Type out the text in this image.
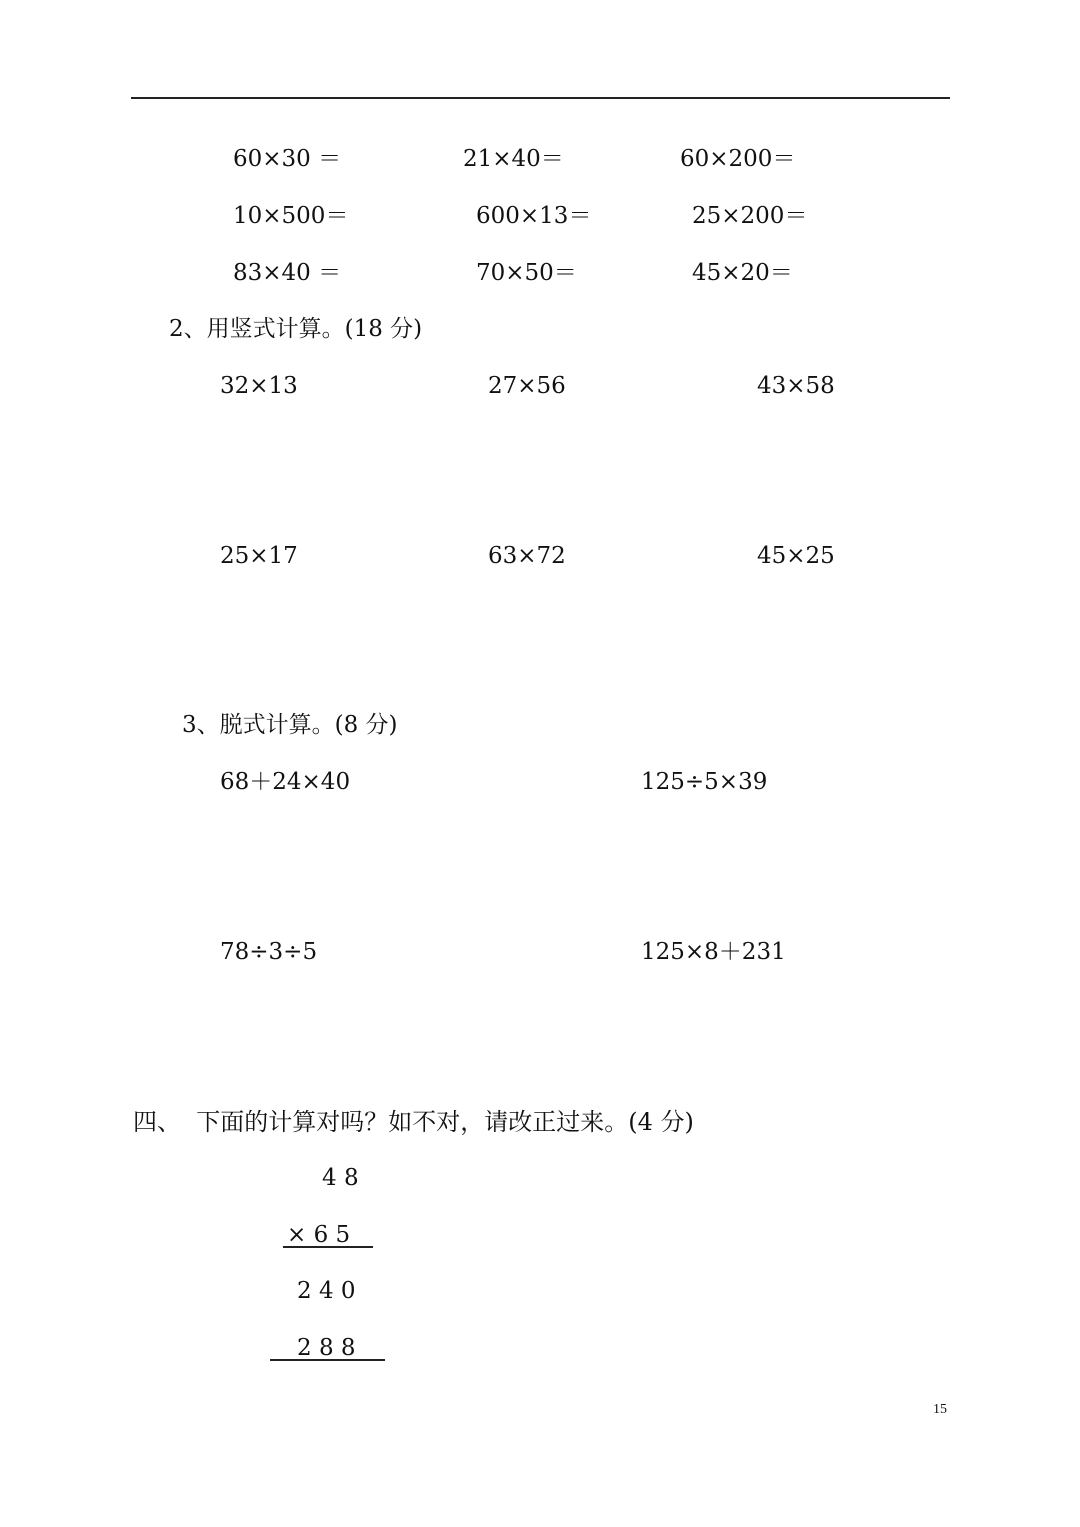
60×30 ＝	21×40＝	60×200＝
10×500＝	600×13＝	25×200＝
83×40 ＝	70×50＝	45×20＝
2、用竖式计算。(18 分)
32×13	27×56	43×58
25×17	63×72	45×25
3、脱式计算。(8 分)
68＋24×40	125÷5×39
78÷3÷5	125×8＋231
四、  下面的计算对吗？如不对，请改正过来。(4 分)
4 8
× 6 5
2 4 0
2 8 8
15
